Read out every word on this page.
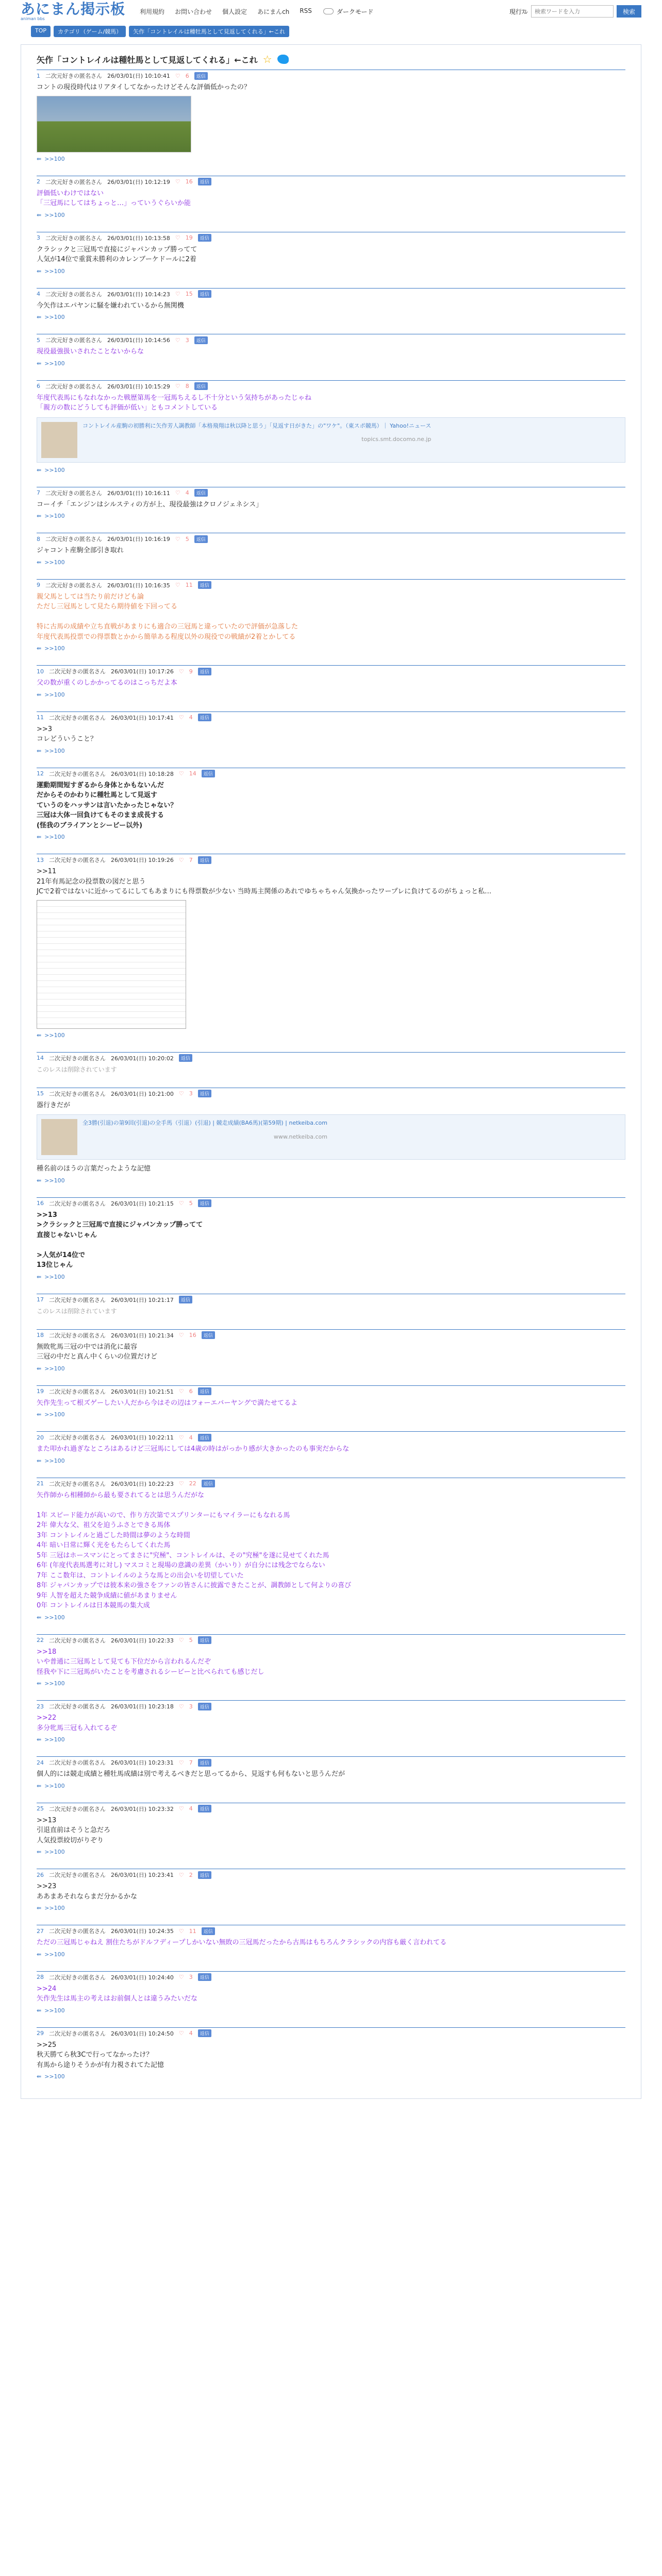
あにまん掲示板
animan bbs
利用規約 お問い合わせ 個人設定 あにまんch RSS	ダークモード	現行ｽﾚ
検索ワードを入力	検索
TOP	カテゴリ（ゲーム/競馬）	矢作「コントレイルは種牡馬として見返してくれる」←これ
矢作「コントレイルは種牡馬として見返してくれる」←これ ☆
1 二次元好きの匿名さん 26/03/01(日) 10:10:41 ♡ 6	返信
コントの現役時代はリアタイしてなかったけどそんな評価低かったの？
⇚ >>100
2 二次元好きの匿名さん 26/03/01(日) 10:12:19 ♡ 16	返信
評価低いわけではない
「三冠馬にしてはちょっと…」っていうぐらいか能
⇚ >>100
3 二次元好きの匿名さん 26/03/01(日) 10:13:58 ♡ 19	返信
クラシックと三冠馬で直接にジャパンカップ勝ってて
人気が14位で重賞未勝利のカレンブーケドールに2着
⇚ >>100
4 二次元好きの匿名さん 26/03/01(日) 10:14:23 ♡ 15	返信
今矢作はエパヤンに騒を嫌われているから無関機
⇚ >>100
5 二次元好きの匿名さん 26/03/01(日) 10:14:56 ♡ 3	返信
現役最強扱いされたことないからな
⇚ >>100
6 二次元好きの匿名さん 26/03/01(日) 10:15:29 ♡ 8	返信
年度代表馬にもなれなかった戦歴第馬を一冠馬ちえるし不十分という気持ちがあったじゃね
「親方の数にどうしても評価が低い」ともコメントしている
コントレイル産駒の初勝利に矢作芳人調教師「本格飛翔は秋以降と思う」「見返す日がきた」の"ワケ"。（東スポ競馬）｜ Yahoo!ニュース
topics.smt.docomo.ne.jp
⇚ >>100
7 二次元好きの匿名さん 26/03/01(日) 10:16:11 ♡ 4	返信
コーイチ「エンジンはシルスティの方が上、現役最強はクロノジェネシス」
⇚ >>100
8 二次元好きの匿名さん 26/03/01(日) 10:16:19 ♡ 5	返信
ジャコント産駒全部引き取れ
⇚ >>100
9 二次元好きの匿名さん 26/03/01(日) 10:16:35 ♡ 11	返信
親父馬としては当たり前だけども論
ただし三冠馬として見たら期待値を下回ってる

特に古馬の成績や立ち直戦があまりにも適合の三冠馬と違っていたので評価が急落した
年度代表馬投票での得票数とかから簡単ある程度以外の現役での戦績が2着とかしてる
⇚ >>100
10 二次元好きの匿名さん 26/03/01(日) 10:17:26 ♡ 9	返信
父の数が重くのしかかってるのはこっちだよ本
⇚ >>100
11 二次元好きの匿名さん 26/03/01(日) 10:17:41 ♡ 4	返信
>>3
コレどういうこと？
⇚ >>100
12 二次元好きの匿名さん 26/03/01(日) 10:18:28 ♡ 14	返信
運動期間短すぎるから身体とかもないんだ
だからそのかわりに種牡馬として見返す
ていうのをハッサンは言いたかったじゃない？
三冠は大体一回負けてもそのまま成長する
(怪我のブライアンとシービー以外)
⇚ >>100
13 二次元好きの匿名さん 26/03/01(日) 10:19:26 ♡ 7	返信
>>11
21年有馬記念の投票数の図だと思う
JCで2着ではないに近かってるにしてもあまりにも得票数が少ない 当時馬主関係のあれでゆちゃちゃん気換かったワープレに負けてるのがちょっと私…
⇚ >>100
14 二次元好きの匿名さん 26/03/01(日) 10:20:02	返信
このレスは削除されています
15 二次元好きの匿名さん 26/03/01(日) 10:21:00 ♡ 3	返信
器行きだが
全3勝(引退)の第9回(引退)の全手馬（引退）(引退) | 競走成績(BA6馬)(第59期) | netkeiba.com
www.netkeiba.com
種名前のほうの言葉だったような記憶
⇚ >>100
16 二次元好きの匿名さん 26/03/01(日) 10:21:15 ♡ 5	返信
>>13
>クラシックと三冠馬で直接にジャパンカップ勝ってて
直接じゃないじゃん

>人気が14位で
13位じゃん
⇚ >>100
17 二次元好きの匿名さん 26/03/01(日) 10:21:17	返信
このレスは削除されています
18 二次元好きの匿名さん 26/03/01(日) 10:21:34 ♡ 16	返信
無敗牝馬三冠の中では消化に最容
三冠の中だと真ん中くらいの位置だけど
⇚ >>100
19 二次元好きの匿名さん 26/03/01(日) 10:21:51 ♡ 6	返信
矢作先生って根ズゲーしたい人だから今はその辺はフォーエバーヤングで満たせてるよ
⇚ >>100
20 二次元好きの匿名さん 26/03/01(日) 10:22:11 ♡ 4	返信
また叩かれ過ぎなところはあるけど三冠馬にしては4歳の時はがっかり感が大きかったのも事実だからな
⇚ >>100
21 二次元好きの匿名さん 26/03/01(日) 10:22:23 ♡ 22	返信
矢作師から相種師から最も要されてるとは思うんだがな

1年 スピード能力が高いので、作り方次第でスプリンターにもマイラーにもなれる馬
2年 偉大な父、祖父を迫うふさとできる馬体
3年 コントレイルと過ごした時間は夢のような時間
4年 暗い日常に輝く光をもたらしてくれた馬
5年 三冠はホースマンにとってまさに"究極"、コントレイルは、その"究極"を遂に見せてくれた馬
6年 (年度代表馬選考に対し) マスコミと現場の意識の差異（かいり）が自分には残念でならない
7年 ここ数年は、コントレイルのような馬との出会いを切望していた
8年 ジャパンカップでは彼本来の強さをファンの皆さんに披露できたことが、調教師として何よりの喜び
9年 人智を超えた競争成績に値があまりません
0年 コントレイルは日本競馬の集大成
⇚ >>100
22 二次元好きの匿名さん 26/03/01(日) 10:22:33 ♡ 5	返信
>>18
いや普通に三冠馬として見ても下位だから言われるんだぞ
怪我や下に三冠馬がいたことを考慮されるシービーと比べられても感じだし
⇚ >>100
23 二次元好きの匿名さん 26/03/01(日) 10:23:18 ♡ 3	返信
>>22
多分牝馬三冠も入れてるぞ
⇚ >>100
24 二次元好きの匿名さん 26/03/01(日) 10:23:31 ♡ 7	返信
個人的には競走成績と種牡馬成績は別で考えるべきだと思ってるから、見返すも何もないと思うんだが
⇚ >>100
25 二次元好きの匿名さん 26/03/01(日) 10:23:32 ♡ 4	返信
>>13
引退直前はそうと急だろ
人気投票絞切がりぞり
⇚ >>100
26 二次元好きの匿名さん 26/03/01(日) 10:23:41 ♡ 2	返信
>>23
ああまあそれならまだ分かるかな
⇚ >>100
27 二次元好きの匿名さん 26/03/01(日) 10:24:35 ♡ 11	返信
ただの三冠馬じゃねえ 割住たちがドルフディープしかいない無敗の三冠馬だったから古馬はもちろんクラシックの内容も厳く言われてる
⇚ >>100
28 二次元好きの匿名さん 26/03/01(日) 10:24:40 ♡ 3	返信
>>24
矢作先生は馬主の考えはお前個人とは違うみたいだな
⇚ >>100
29 二次元好きの匿名さん 26/03/01(日) 10:24:50 ♡ 4	返信
>>25
秋天勝てら秋3Cで行ってなかったけ？
有馬から途りそうかが有力視されてた記憶
⇚ >>100
